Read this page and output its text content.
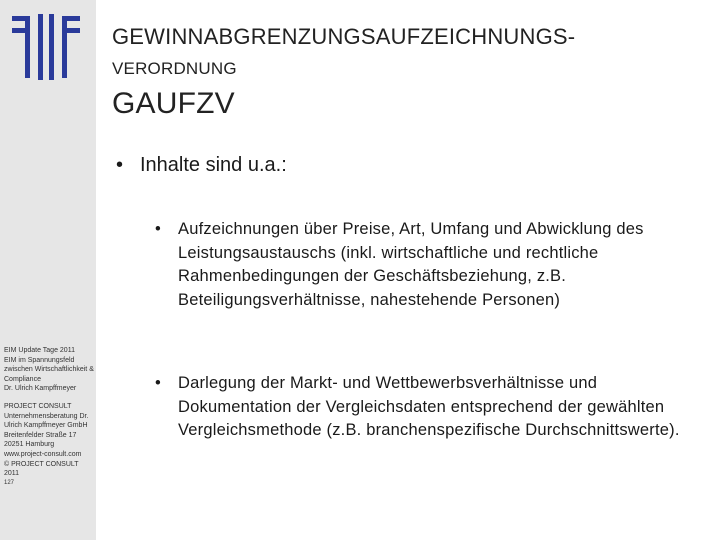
EIM Update Tage 2011
EIM im Spannungsfeld zwischen Wirtschaftlichkeit & Compliance
Dr. Ulrich Kampffmeyer
PROJECT CONSULT Unternehmensberatung Dr. Ulrich Kampffmeyer GmbH
Breitenfelder Straße 17
20251 Hamburg
www.project-consult.com
© PROJECT CONSULT 2011
127
GEWINNABGRENZUNGSAUFZEICHNUNGS-
VERORDNUNG
GAUFZV
• Inhalte sind u.a.:
• Aufzeichnungen über Preise, Art, Umfang und Abwicklung des Leistungsaustauschs (inkl. wirtschaftliche und rechtliche Rahmenbedingungen der Geschäftsbeziehung, z.B. Beteiligungsverhältnisse, nahestehende Personen)
• Darlegung der Markt- und Wettbewerbsverhältnisse und Dokumentation der Vergleichsdaten entsprechend der gewählten Vergleichsmethode (z.B. branchenspezifische Durchschnittswerte).
